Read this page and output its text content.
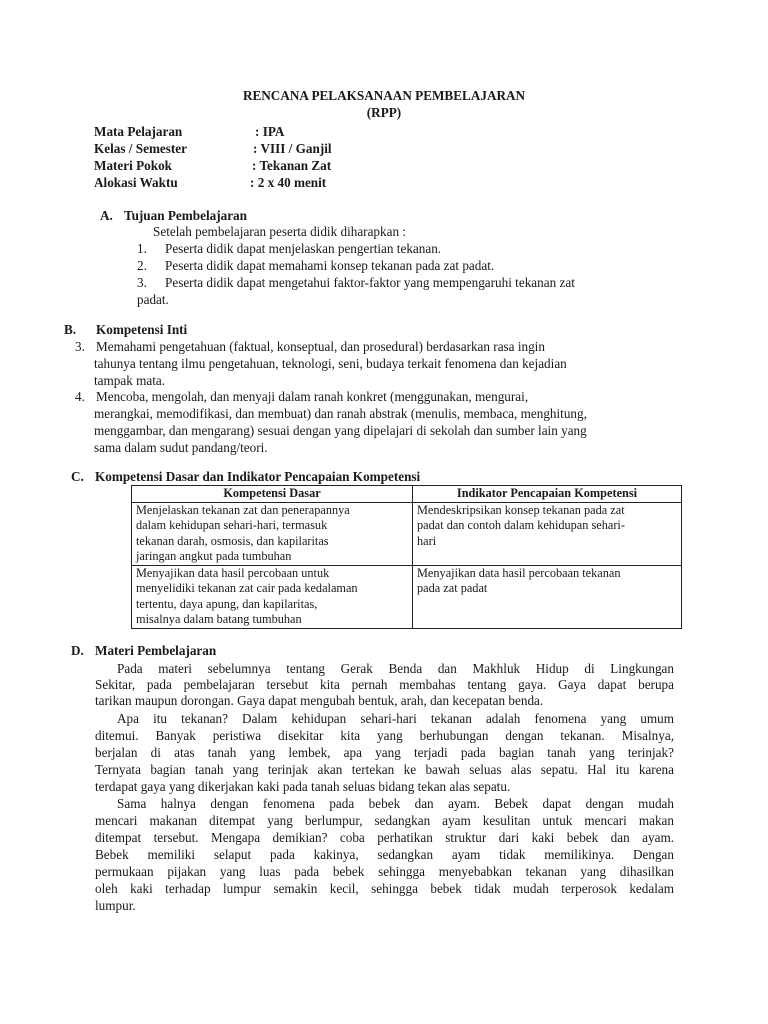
RENCANA PELAKSANAAN PEMBELAJARAN
(RPP)
Mata Pelajaran	: IPA
Kelas / Semester	: VIII / Ganjil
Materi Pokok	: Tekanan Zat
Alokasi Waktu	: 2 x 40 menit
A. Tujuan Pembelajaran
Setelah pembelajaran peserta didik diharapkan :
1. Peserta didik dapat menjelaskan pengertian tekanan.
2. Peserta didik dapat memahami konsep tekanan pada zat padat.
3. Peserta didik dapat mengetahui faktor-faktor yang mempengaruhi tekanan zat
padat.
B. Kompetensi Inti
3. Memahami pengetahuan (faktual, konseptual, dan prosedural) berdasarkan rasa ingin
tahunya tentang ilmu pengetahuan, teknologi, seni, budaya terkait fenomena dan kejadian
tampak mata.
4. Mencoba, mengolah, dan menyaji dalam ranah konkret (menggunakan, mengurai,
merangkai, memodifikasi, dan membuat) dan ranah abstrak (menulis, membaca, menghitung,
menggambar, dan mengarang) sesuai dengan yang dipelajari di sekolah dan sumber lain yang
sama dalam sudut pandang/teori.
C. Kompetensi Dasar dan Indikator Pencapaian Kompetensi
Kompetensi Dasar	Indikator Pencapaian Kompetensi
Menjelaskan tekanan zat dan penerapannya
dalam kehidupan sehari-hari, termasuk
tekanan darah, osmosis, dan kapilaritas
jaringan angkut pada tumbuhan	Mendeskripsikan konsep tekanan pada zat
padat dan contoh dalam kehidupan sehari-
hari
Menyajikan data hasil percobaan untuk
menyelidiki tekanan zat cair pada kedalaman
tertentu, daya apung, dan kapilaritas,
misalnya dalam batang tumbuhan	Menyajikan data hasil percobaan tekanan
pada zat padat
D. Materi Pembelajaran
Pada materi sebelumnya tentang Gerak Benda dan Makhluk Hidup di Lingkungan
Sekitar, pada pembelajaran tersebut kita pernah membahas tentang gaya. Gaya dapat berupa
tarikan maupun dorongan. Gaya dapat mengubah bentuk, arah, dan kecepatan benda.
Apa itu tekanan? Dalam kehidupan sehari-hari tekanan adalah fenomena yang umum
ditemui. Banyak peristiwa disekitar kita yang berhubungan dengan tekanan. Misalnya,
berjalan di atas tanah yang lembek, apa yang terjadi pada bagian tanah yang terinjak?
Ternyata bagian tanah yang terinjak akan tertekan ke bawah seluas alas sepatu. Hal itu karena
terdapat gaya yang dikerjakan kaki pada tanah seluas bidang tekan alas sepatu.
Sama halnya dengan fenomena pada bebek dan ayam. Bebek dapat dengan mudah
mencari makanan ditempat yang berlumpur, sedangkan ayam kesulitan untuk mencari makan
ditempat tersebut. Mengapa demikian? coba perhatikan struktur dari kaki bebek dan ayam.
Bebek memiliki selaput pada kakinya, sedangkan ayam tidak memilikinya. Dengan
permukaan pijakan yang luas pada bebek sehingga menyebabkan tekanan yang dihasilkan
oleh kaki terhadap lumpur semakin kecil, sehingga bebek tidak mudah terperosok kedalam
lumpur.
